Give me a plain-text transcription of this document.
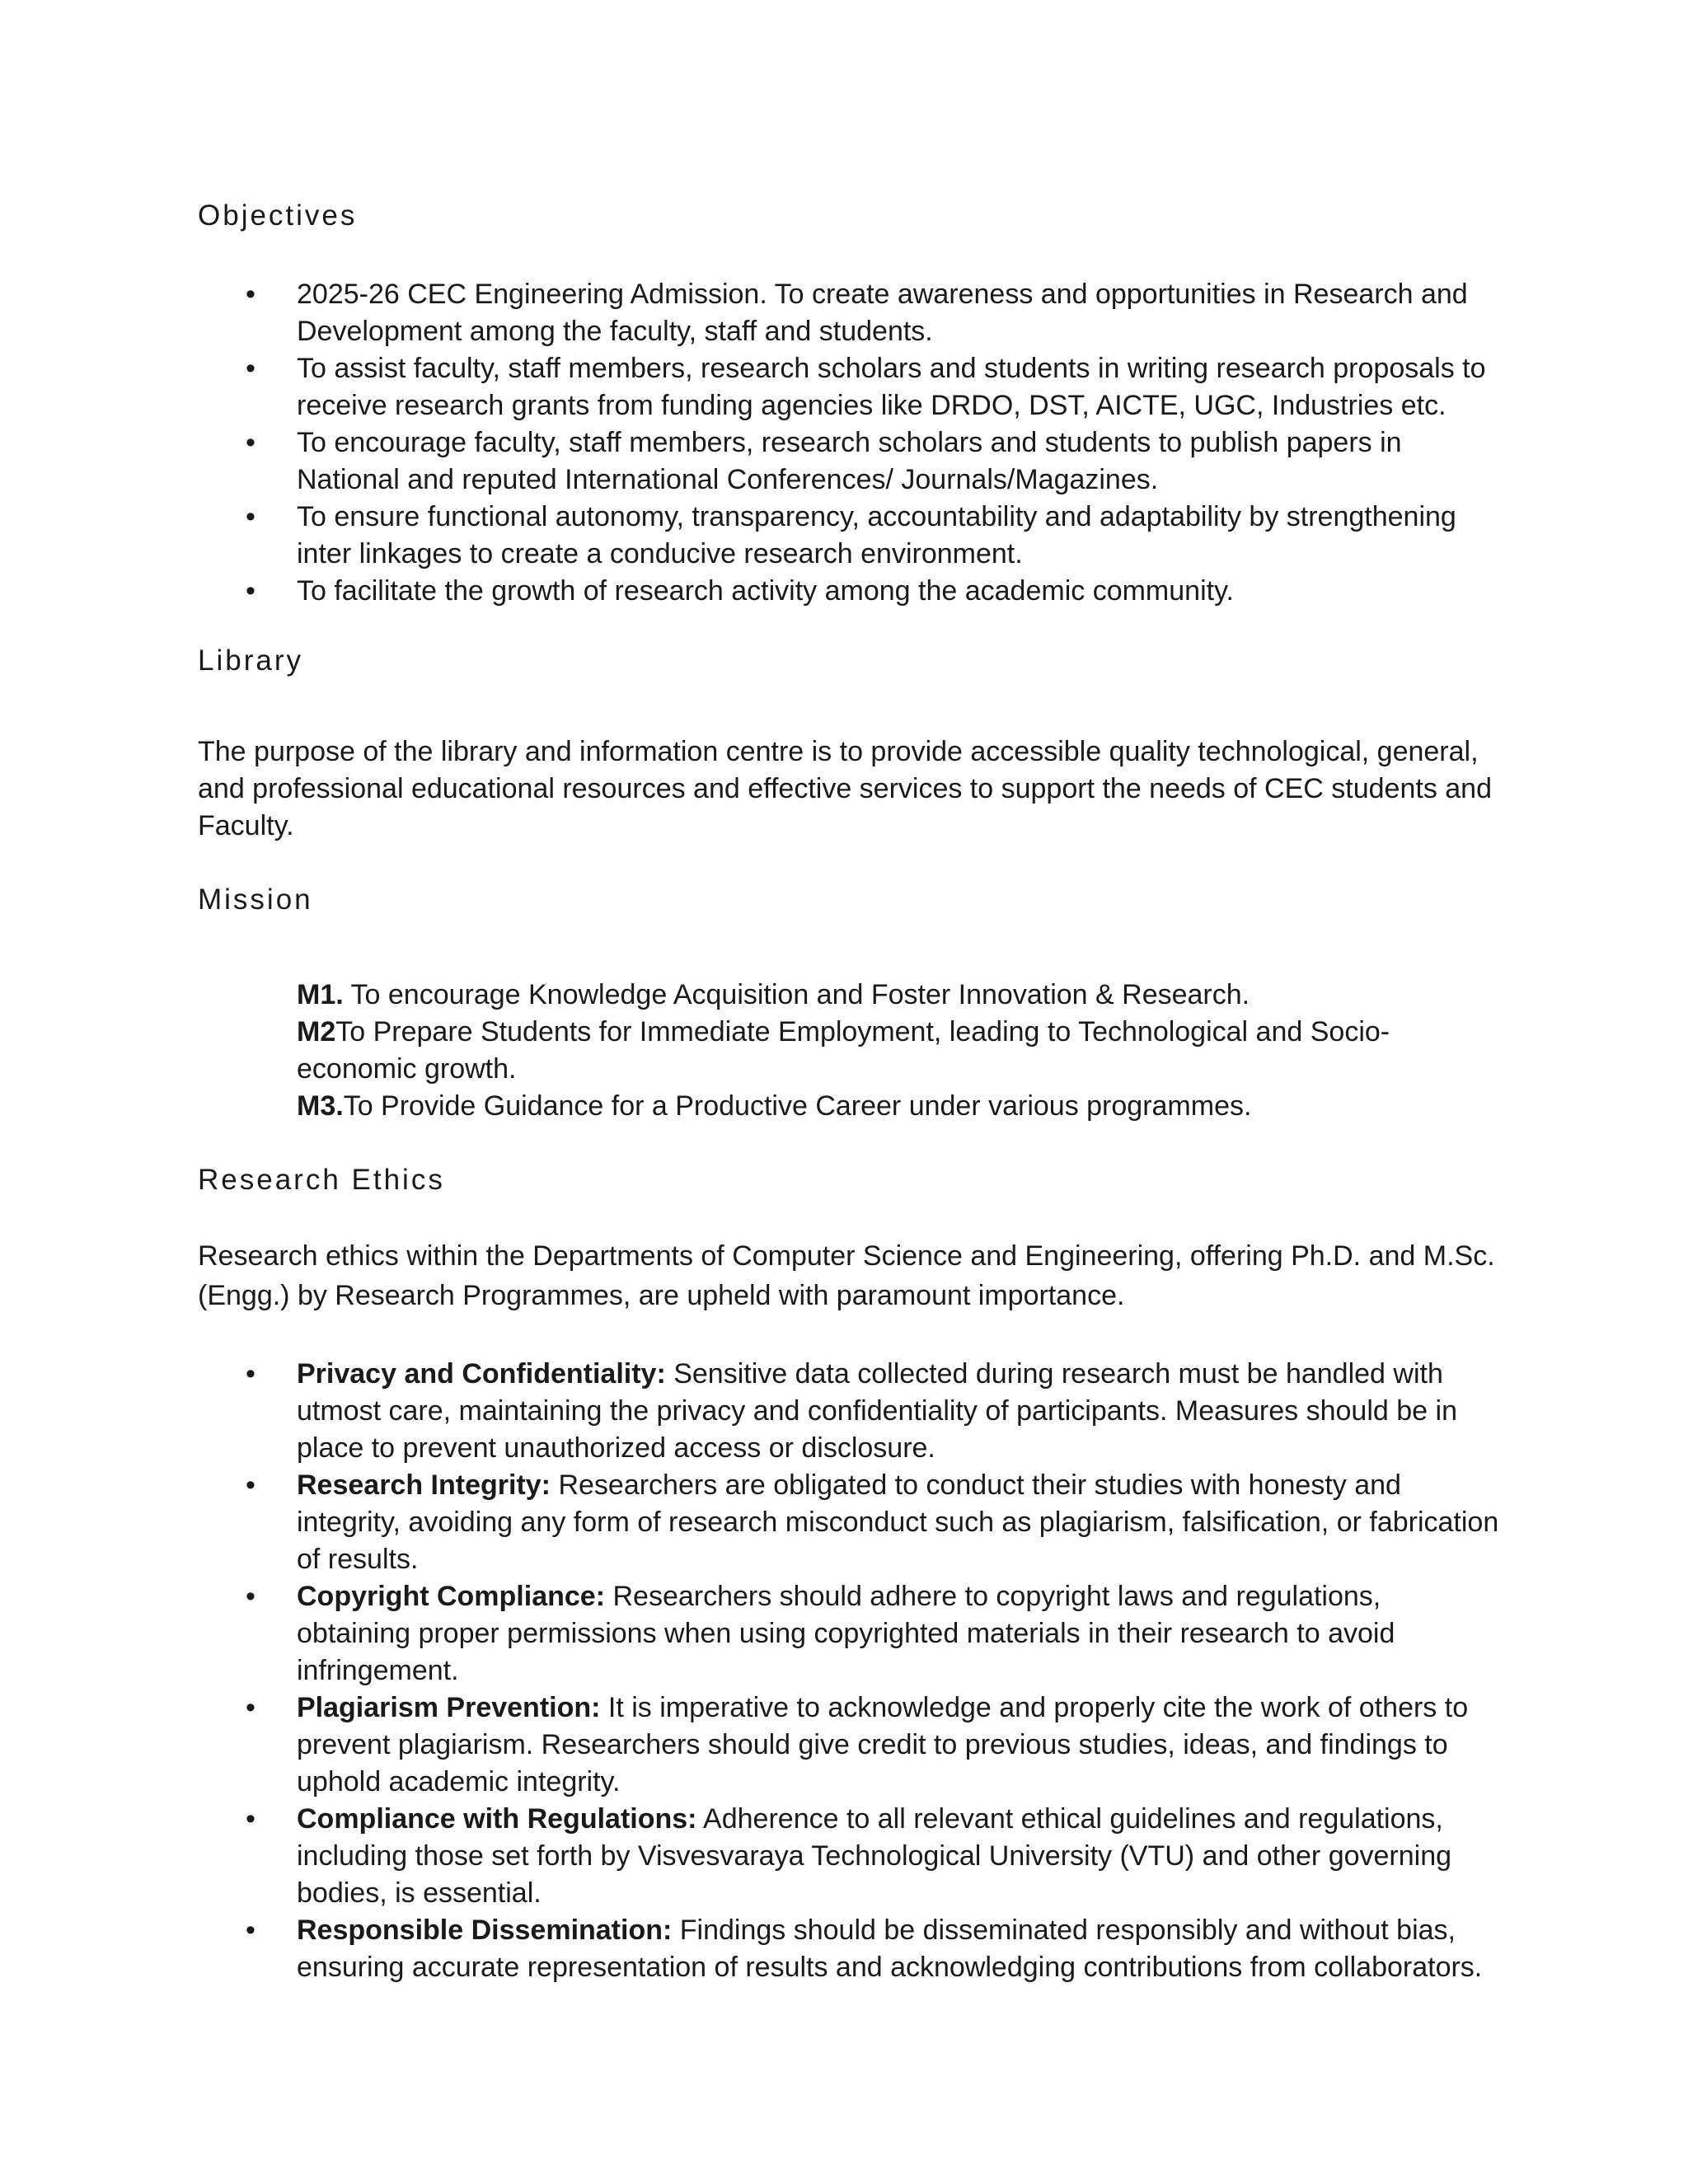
Objectives
• 2025-26 CEC Engineering Admission. To create awareness and opportunities in Research and Development among the faculty, staff and students.
• To assist faculty, staff members, research scholars and students in writing research proposals to receive research grants from funding agencies like DRDO, DST, AICTE, UGC, Industries etc.
• To encourage faculty, staff members, research scholars and students to publish papers in National and reputed International Conferences/ Journals/Magazines.
• To ensure functional autonomy, transparency, accountability and adaptability by strengthening inter linkages to create a conducive research environment.
• To facilitate the growth of research activity among the academic community.
Library

The purpose of the library and information centre is to provide accessible quality technological, general, and professional educational resources and effective services to support the needs of CEC students and Faculty.

Mission
M1. To encourage Knowledge Acquisition and Foster Innovation & Research.
M2To Prepare Students for Immediate Employment, leading to Technological and Socio-economic growth.
M3.To Provide Guidance for a Productive Career under various programmes.
Research Ethics

Research ethics within the Departments of Computer Science and Engineering, offering Ph.D. and M.Sc. (Engg.) by Research Programmes, are upheld with paramount importance.

• Privacy and Confidentiality: Sensitive data collected during research must be handled with utmost care, maintaining the privacy and confidentiality of participants. Measures should be in place to prevent unauthorized access or disclosure.
• Research Integrity: Researchers are obligated to conduct their studies with honesty and integrity, avoiding any form of research misconduct such as plagiarism, falsification, or fabrication of results.
• Copyright Compliance: Researchers should adhere to copyright laws and regulations, obtaining proper permissions when using copyrighted materials in their research to avoid infringement.
• Plagiarism Prevention: It is imperative to acknowledge and properly cite the work of others to prevent plagiarism. Researchers should give credit to previous studies, ideas, and findings to uphold academic integrity.
• Compliance with Regulations: Adherence to all relevant ethical guidelines and regulations, including those set forth by Visvesvaraya Technological University (VTU) and other governing bodies, is essential.
• Responsible Dissemination: Findings should be disseminated responsibly and without bias, ensuring accurate representation of results and acknowledging contributions from collaborators.
